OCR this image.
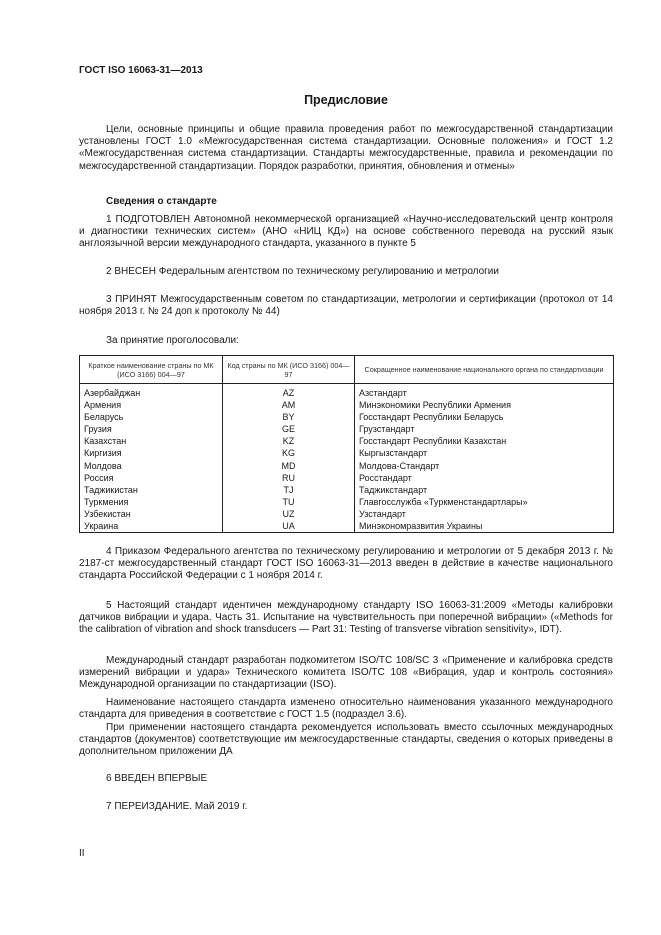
ГОСТ ISO 16063-31—2013
Предисловие

Цели, основные принципы и общие правила проведения работ по межгосударственной стандартизации установлены ГОСТ 1.0 «Межгосударственная система стандартизации. Основные положения» и ГОСТ 1.2 «Межгосударственная система стандартизации. Стандарты межгосударственные, правила и рекомендации по межгосударственной стандартизации. Порядок разработки, принятия, обновления и отмены»

Сведения о стандарте

1 ПОДГОТОВЛЕН Автономной некоммерческой организацией «Научно-исследовательский центр контроля и диагностики технических систем» (АНО «НИЦ КД») на основе собственного перевода на русский язык англоязычной версии международного стандарта, указанного в пункте 5

2 ВНЕСЕН Федеральным агентством по техническому регулированию и метрологии

3 ПРИНЯТ Межгосударственным советом по стандартизации, метрологии и сертификации (протокол от 14 ноября 2013 г. № 24 доп к протоколу № 44)

За принятие проголосовали:

Краткое наименование страны по МК (ИСО 3166) 004—97	Код страны по МК (ИСО 3166) 004—97	Сокращенное наименование национального органа по стандартизации
Азербайджан	AZ	Азстандарт
Армения	AM	Минэкономики Республики Армения
Беларусь	BY	Госстандарт Республики Беларусь
Грузия	GE	Грузстандарт
Казахстан	KZ	Госстандарт Республики Казахстан
Киргизия	KG	Кыргызстандарт
Молдова	MD	Молдова-Стандарт
Россия	RU	Росстандарт
Таджикистан	TJ	Таджикстандарт
Туркмения	TU	Главгосслужба «Туркменстандартлары»
Узбекистан	UZ	Узстандарт
Украина	UA	Минэкономразвития Украины

4 Приказом Федерального агентства по техническому регулированию и метрологии от 5 декабря 2013 г. № 2187-ст межгосударственный стандарт ГОСТ ISO 16063-31—2013 введен в действие в качестве национального стандарта Российской Федерации с 1 ноября 2014 г.

5 Настоящий стандарт идентичен международному стандарту ISO 16063-31:2009 «Методы калибровки датчиков вибрации и удара. Часть 31. Испытание на чувствительность при поперечной вибрации» («Methods for the calibration of vibration and shock transducers — Part 31: Testing of transverse vibration sensitivity», IDT).

Международный стандарт разработан подкомитетом ISO/TC 108/SC 3 «Применение и калибровка средств измерений вибрации и удара» Технического комитета ISO/TC 108 «Вибрация, удар и контроль состояния» Международной организации по стандартизации (ISO).

Наименование настоящего стандарта изменено относительно наименования указанного международного стандарта для приведения в соответствие с ГОСТ 1.5 (подраздел 3.6).

При применении настоящего стандарта рекомендуется использовать вместо ссылочных международных стандартов (документов) соответствующие им межгосударственные стандарты, сведения о которых приведены в дополнительном приложении ДА

6 ВВЕДЕН ВПЕРВЫЕ

7 ПЕРЕИЗДАНИЕ. Май 2019 г.

II
